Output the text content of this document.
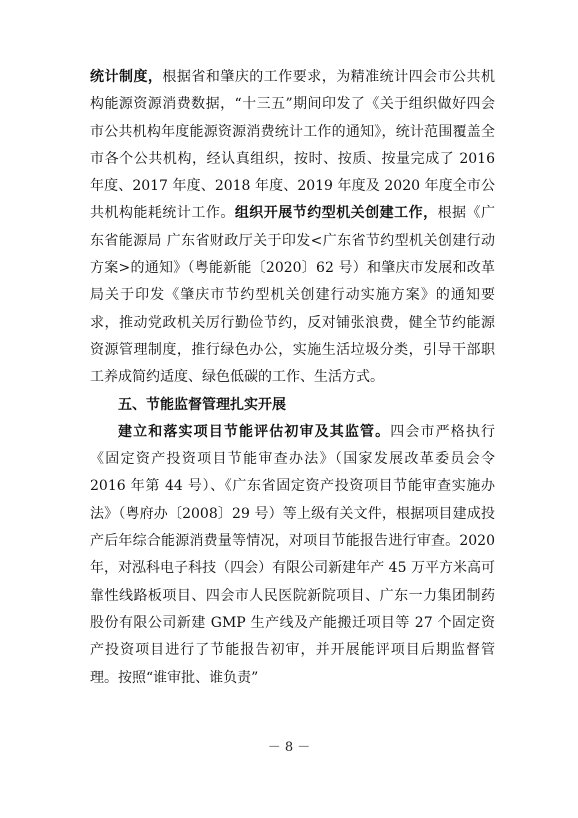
统计制度，根据省和肇庆的工作要求，为精准统计四会市公共机构能源资源消费数据，“十三五”期间印发了《关于组织做好四会市公共机构年度能源资源消费统计工作的通知》，统计范围覆盖全市各个公共机构，经认真组织，按时、按质、按量完成了 2016 年度、2017 年度、2018 年度、2019 年度及 2020 年度全市公共机构能耗统计工作。组织开展节约型机关创建工作，根据《广东省能源局 广东省财政厅关于印发<广东省节约型机关创建行动方案>的通知》（粤能新能〔2020〕62 号）和肇庆市发展和改革局关于印发《肇庆市节约型机关创建行动实施方案》的通知要求，推动党政机关厉行勤俭节约，反对铺张浪费，健全节约能源资源管理制度，推行绿色办公，实施生活垃圾分类，引导干部职工养成简约适度、绿色低碳的工作、生活方式。

五、节能监督管理扎实开展

建立和落实项目节能评估初审及其监管。四会市严格执行《固定资产投资项目节能审查办法》（国家发展改革委员会令 2016 年第 44 号）、《广东省固定资产投资项目节能审查实施办法》（粤府办〔2008〕29 号）等上级有关文件，根据项目建成投产后年综合能源消费量等情况，对项目节能报告进行审查。2020 年，对泓科电子科技（四会）有限公司新建年产 45 万平方米高可靠性线路板项目、四会市人民医院新院项目、广东一力集团制药股份有限公司新建 GMP 生产线及产能搬迁项目等 27 个固定资产投资项目进行了节能报告初审，并开展能评项目后期监督管理。按照“谁审批、谁负责”

－ 8 －
